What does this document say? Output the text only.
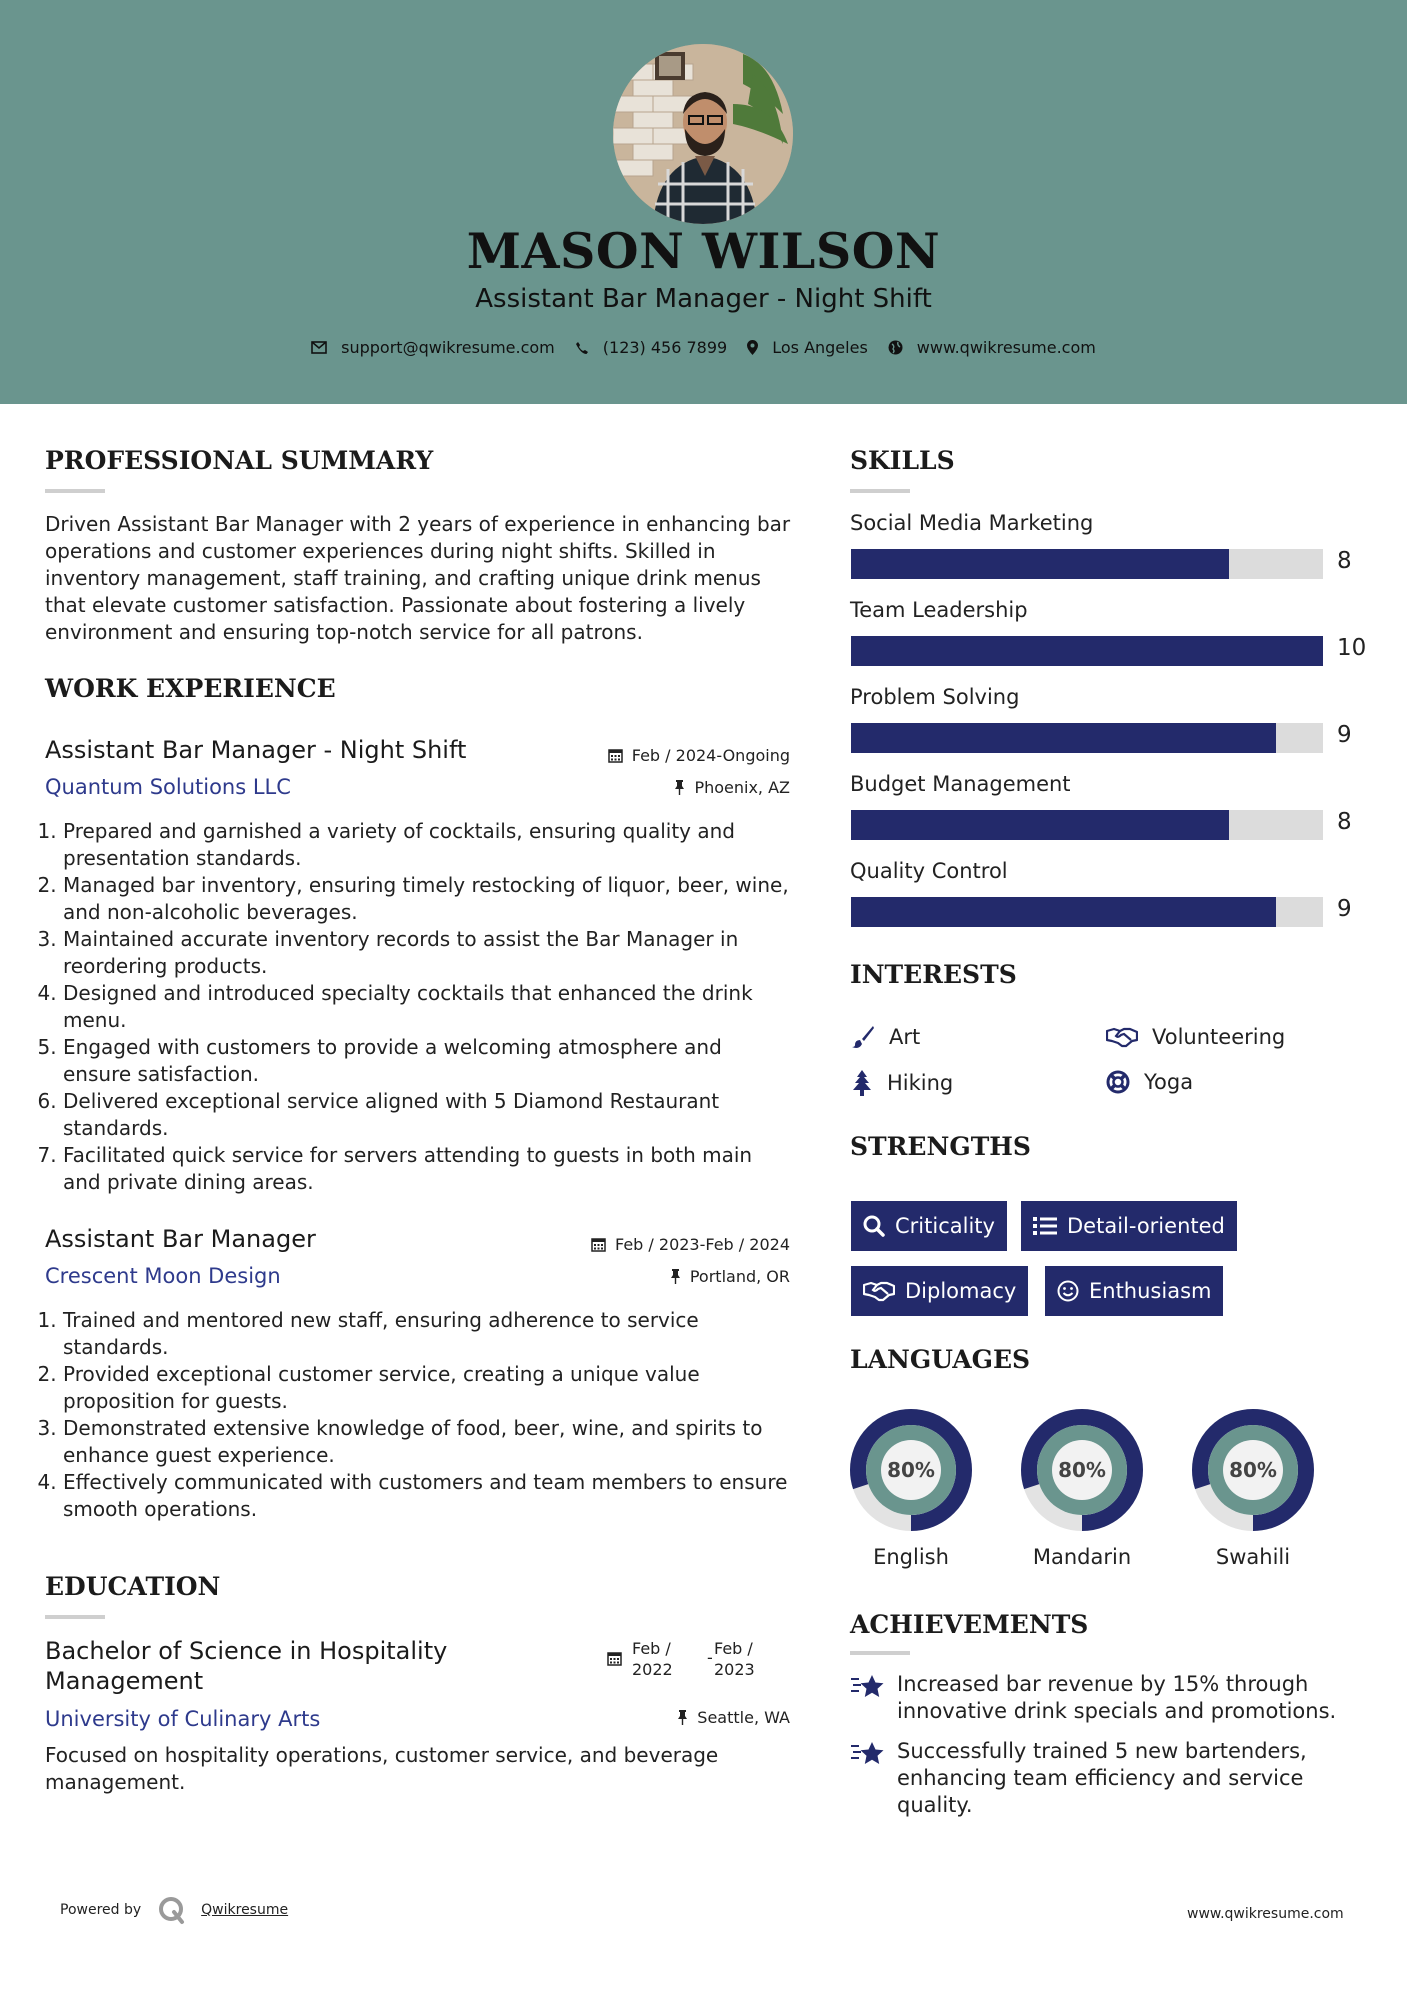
MASON WILSON
Assistant Bar Manager - Night Shift
support@qwikresume.com	(123) 456 7899	Los Angeles	www.qwikresume.com
PROFESSIONAL SUMMARY
Driven Assistant Bar Manager with 2 years of experience in enhancing bar operations and customer experiences during night shifts. Skilled in inventory management, staff training, and crafting unique drink menus that elevate customer satisfaction. Passionate about fostering a lively environment and ensuring top-notch service for all patrons.
WORK EXPERIENCE
Assistant Bar Manager - Night Shift	Feb / 2024-Ongoing
Quantum Solutions LLC	Phoenix, AZ
1. Prepared and garnished a variety of cocktails, ensuring quality and presentation standards.
2. Managed bar inventory, ensuring timely restocking of liquor, beer, wine, and non-alcoholic beverages.
3. Maintained accurate inventory records to assist the Bar Manager in reordering products.
4. Designed and introduced specialty cocktails that enhanced the drink menu.
5. Engaged with customers to provide a welcoming atmosphere and ensure satisfaction.
6. Delivered exceptional service aligned with 5 Diamond Restaurant standards.
7. Facilitated quick service for servers attending to guests in both main and private dining areas.
Assistant Bar Manager	Feb / 2023-Feb / 2024
Crescent Moon Design	Portland, OR
1. Trained and mentored new staff, ensuring adherence to service standards.
2. Provided exceptional customer service, creating a unique value proposition for guests.
3. Demonstrated extensive knowledge of food, beer, wine, and spirits to enhance guest experience.
4. Effectively communicated with customers and team members to ensure smooth operations.
EDUCATION
Bachelor of Science in Hospitality
Management
Feb /
2022
- Feb /
2023
University of Culinary Arts	Seattle, WA
Focused on hospitality operations, customer service, and beverage management.
SKILLS
Social Media Marketing
8
Team Leadership
10
Problem Solving
9
Budget Management
8
Quality Control
9
INTERESTS
Art	Volunteering
Hiking	Yoga
STRENGTHS
Criticality	Detail-oriented
Diplomacy	Enthusiasm
LANGUAGES
80%
English
80%
Mandarin
80%
Swahili
ACHIEVEMENTS
Increased bar revenue by 15% through
innovative drink specials and promotions.
Successfully trained 5 new bartenders,
enhancing team efficiency and service
quality.
Powered by	Qwikresume	www.qwikresume.com
